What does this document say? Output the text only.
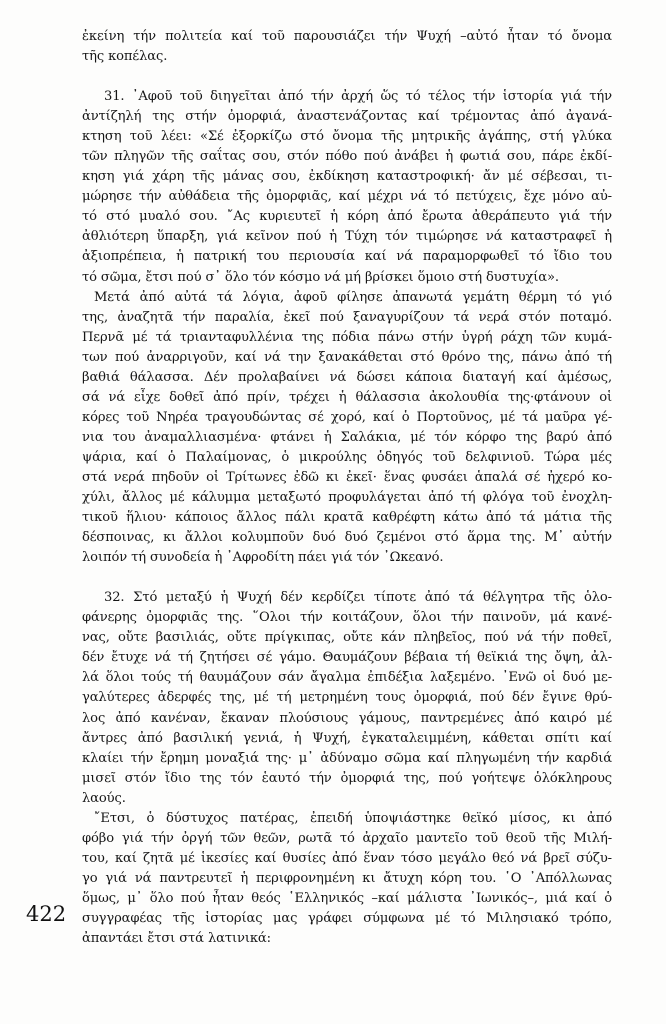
ἐκείνη τήν πολιτεία καί τοῦ παρουσιάζει τήν Ψυχή –αὐτό ἦταν τό ὄνομα
τῆς κοπέλας.
31. ᾿Αφοῦ τοῦ διηγεῖται ἀπό τήν ἀρχή ὥς τό τέλος τήν ἱστορία γιά τήν
ἀντίζηλή της στήν ὀμορφιά, ἀναστενάζοντας καί τρέμοντας ἀπό ἀγανά-
κτηση τοῦ λέει: «Σέ ἐξορκίζω στό ὄνομα τῆς μητρικῆς ἀγάπης, στή γλύκα
τῶν πληγῶν τῆς σαΐτας σου, στόν πόθο πού ἀνάβει ἡ φωτιά σου, πάρε ἐκδί-
κηση γιά χάρη τῆς μάνας σου, ἐκδίκηση καταστροφική· ἄν μέ σέβεσαι, τι-
μώρησε τήν αὐθάδεια τῆς ὀμορφιᾶς, καί μέχρι νά τό πετύχεις, ἔχε μόνο αὐ-
τό στό μυαλό σου. ῎Ας κυριευτεῖ ἡ κόρη ἀπό ἔρωτα ἀθεράπευτο γιά τήν
ἀθλιότερη ὕπαρξη, γιά κεῖνον πού ἡ Τύχη τόν τιμώρησε νά καταστραφεῖ ἡ
ἀξιοπρέπεια, ἡ πατρική του περιουσία καί νά παραμορφωθεῖ τό ἴδιο του
τό σῶμα, ἔτσι πού σ᾿ ὅλο τόν κόσμο νά μή βρίσκει ὅμοιο στή δυστυχία».
Μετά ἀπό αὐτά τά λόγια, ἀφοῦ φίλησε ἀπανωτά γεμάτη θέρμη τό γιό
της, ἀναζητᾶ τήν παραλία, ἐκεῖ πού ξαναγυρίζουν τά νερά στόν ποταμό.
Περνᾶ μέ τά τριανταφυλλένια της πόδια πάνω στήν ὑγρή ράχη τῶν κυμά-
των πού ἀναρριγοῦν, καί νά την ξανακάθεται στό θρόνο της, πάνω ἀπό τή
βαθιά θάλασσα. Δέν προλαβαίνει νά δώσει κάποια διαταγή καί ἀμέσως,
σά νά εἶχε δοθεῖ ἀπό πρίν, τρέχει ἡ θάλασσια ἀκολουθία της·φτάνουν οἱ
κόρες τοῦ Νηρέα τραγουδώντας σέ χορό, καί ὁ Πορτοῦνος, μέ τά μαῦρα γέ-
νια του ἀναμαλλιασμένα· φτάνει ἡ Σαλάκια, μέ τόν κόρφο της βαρύ ἀπό
ψάρια, καί ὁ Παλαίμονας, ὁ μικρούλης ὁδηγός τοῦ δελφινιοῦ. Τώρα μές
στά νερά πηδοῦν οἱ Τρίτωνες ἐδῶ κι ἐκεῖ· ἕνας φυσάει ἁπαλά σέ ἠχερό κο-
χύλι, ἄλλος μέ κάλυμμα μεταξωτό προφυλάγεται ἀπό τή φλόγα τοῦ ἐνοχλη-
τικοῦ ἥλιου· κάποιος ἄλλος πάλι κρατᾶ καθρέφτη κάτω ἀπό τά μάτια τῆς
δέσποινας, κι ἄλλοι κολυμποῦν δυό δυό ζεμένοι στό ἅρμα της. Μ᾿ αὐτήν
λοιπόν τή συνοδεία ἡ ᾿Αφροδίτη πάει γιά τόν ᾿Ωκεανό.
32. Στό μεταξύ ἡ Ψυχή δέν κερδίζει τίποτε ἀπό τά θέλγητρα τῆς ὁλο-
φάνερης ὀμορφιᾶς της. ῞Ολοι τήν κοιτάζουν, ὅλοι τήν παινοῦν, μά κανέ-
νας, οὔτε βασιλιάς, οὔτε πρίγκιπας, οὔτε κάν πληβεῖος, πού νά τήν ποθεῖ,
δέν ἔτυχε νά τή ζητήσει σέ γάμο. Θαυμάζουν βέβαια τή θεϊκιά της ὄψη, ἀλ-
λά ὅλοι τούς τή θαυμάζουν σάν ἄγαλμα ἐπιδέξια λαξεμένο. ᾿Ενῶ οἱ δυό με-
γαλύτερες ἀδερφές της, μέ τή μετρημένη τους ὀμορφιά, πού δέν ἔγινε θρύ-
λος ἀπό κανέναν, ἔκαναν πλούσιους γάμους, παντρεμένες ἀπό καιρό μέ
ἄντρες ἀπό βασιλική γενιά, ἡ Ψυχή, ἐγκαταλειμμένη, κάθεται σπίτι καί
κλαίει τήν ἔρημη μοναξιά της· μ᾿ ἀδύναμο σῶμα καί πληγωμένη τήν καρδιά
μισεῖ στόν ἴδιο της τόν ἑαυτό τήν ὀμορφιά της, πού γοήτεψε ὁλόκληρους
λαούς.
῎Ετσι, ὁ δύστυχος πατέρας, ἐπειδή ὑποψιάστηκε θεϊκό μίσος, κι ἀπό
φόβο γιά τήν ὀργή τῶν θεῶν, ρωτᾶ τό ἀρχαῖο μαντεῖο τοῦ θεοῦ τῆς Μιλή-
του, καί ζητᾶ μέ ἱκεσίες καί θυσίες ἀπό ἕναν τόσο μεγάλο θεό νά βρεῖ σύζυ-
γο γιά νά παντρευτεῖ ἡ περιφρονημένη κι ἄτυχη κόρη του. ῾Ο ᾿Απόλλωνας
ὅμως, μ᾿ ὅλο πού ἦταν θεός ῾Ελληνικός –καί μάλιστα ᾿Ιωνικός–, μιά καί ὁ
συγγραφέας τῆς ἱστορίας μας γράφει σύμφωνα μέ τό Μιλησιακό τρόπο,
ἀπαντάει ἔτσι στά λατινικά:
422
